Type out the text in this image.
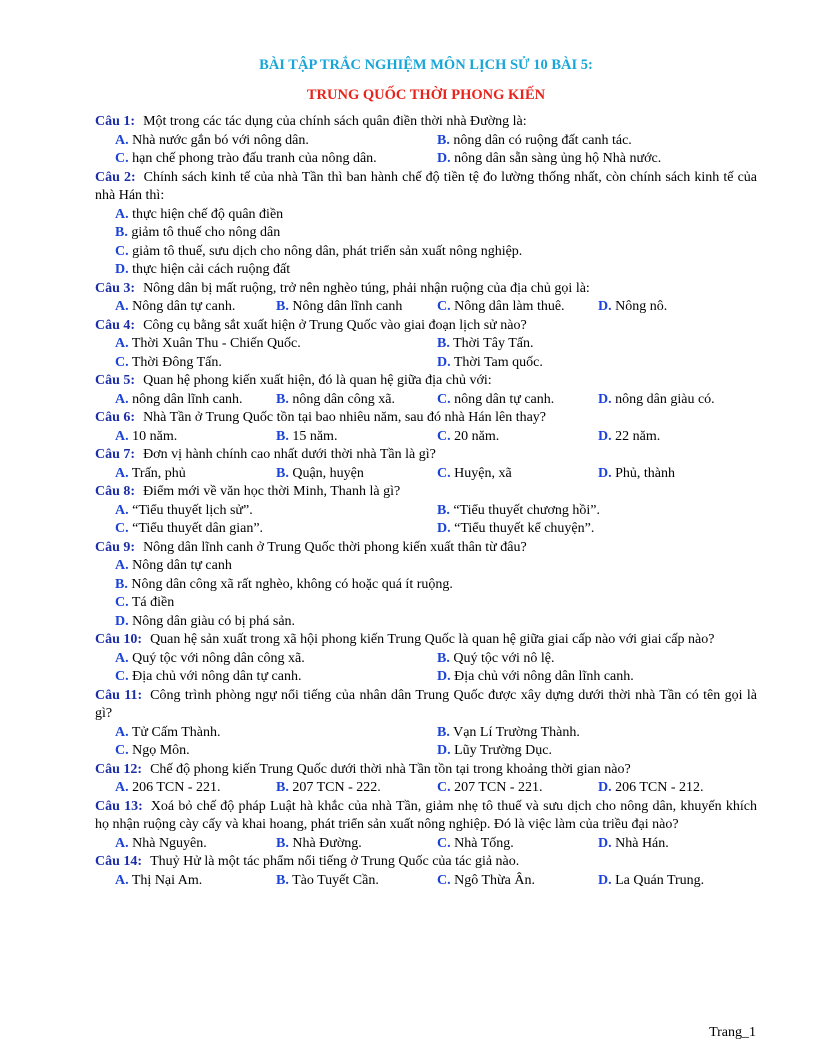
BÀI TẬP TRẮC NGHIỆM MÔN LỊCH SỬ 10 BÀI 5:
TRUNG QUỐC THỜI PHONG KIẾN
Câu 1: Một trong các tác dụng của chính sách quân điền thời nhà Đường là:
A. Nhà nước gắn bó với nông dân.	B. nông dân có ruộng đất canh tác.
C. hạn chế phong trào đấu tranh của nông dân.	D. nông dân sẵn sàng ủng hộ Nhà nước.
Câu 2: Chính sách kinh tế của nhà Tần thì ban hành chế độ tiền tệ đo lường thống nhất, còn chính sách kinh tế của nhà Hán thì:
A. thực hiện chế độ quân điền
B. giảm tô thuế cho nông dân
C. giảm tô thuế, sưu dịch cho nông dân, phát triển sản xuất nông nghiệp.
D. thực hiện cải cách ruộng đất
Câu 3: Nông dân bị mất ruộng, trở nên nghèo túng, phải nhận ruộng của địa chủ gọi là:
A. Nông dân tự canh.	B. Nông dân lĩnh canh	C. Nông dân làm thuê.	D. Nông nô.
Câu 4: Công cụ bằng sắt xuất hiện ở Trung Quốc vào giai đoạn lịch sử nào?
A. Thời Xuân Thu - Chiến Quốc.	B. Thời Tây Tấn.
C. Thời Đông Tấn.	D. Thời Tam quốc.
Câu 5: Quan hệ phong kiến xuất hiện, đó là quan hệ giữa địa chủ với:
A. nông dân lĩnh canh.	B. nông dân công xã.	C. nông dân tự canh.	D. nông dân giàu có.
Câu 6: Nhà Tần ở Trung Quốc tồn tại bao nhiêu năm, sau đó nhà Hán lên thay?
A. 10 năm.	B. 15 năm.	C. 20 năm.	D. 22 năm.
Câu 7: Đơn vị hành chính cao nhất dưới thời nhà Tần là gì?
A. Trấn, phủ	B. Quận, huyện	C. Huyện, xã	D. Phủ, thành
Câu 8: Điểm mới về văn học thời Minh, Thanh là gì?
A. “Tiểu thuyết lịch sử”.	B. “Tiểu thuyết chương hồi”.
C. “Tiểu thuyết dân gian”.	D. “Tiểu thuyết kể chuyện”.
Câu 9: Nông dân lĩnh canh ở Trung Quốc thời phong kiến xuất thân từ đâu?
A. Nông dân tự canh
B. Nông dân công xã rất nghèo, không có hoặc quá ít ruộng.
C. Tá điền
D. Nông dân giàu có bị phá sản.
Câu 10: Quan hệ sản xuất trong xã hội phong kiến Trung Quốc là quan hệ giữa giai cấp nào với giai cấp nào?
A. Quý tộc với nông dân công xã.	B. Quý tộc với nô lệ.
C. Địa chủ với nông dân tự canh.	D. Địa chủ với nông dân lĩnh canh.
Câu 11: Công trình phòng ngự nổi tiếng của nhân dân Trung Quốc được xây dựng dưới thời nhà Tần có tên gọi là gì?
A. Tử Cấm Thành.	B. Vạn Lí Trường Thành.
C. Ngọ Môn.	D. Lũy Trường Dục.
Câu 12: Chế độ phong kiến Trung Quốc dưới thời nhà Tần tồn tại trong khoảng thời gian nào?
A. 206 TCN - 221.	B. 207 TCN - 222.	C. 207 TCN - 221.	D. 206 TCN - 212.
Câu 13: Xoá bỏ chế độ pháp Luật hà khắc của nhà Tần, giảm nhẹ tô thuế và sưu dịch cho nông dân, khuyến khích họ nhận ruộng cày cấy và khai hoang, phát triển sản xuất nông nghiệp. Đó là việc làm của triều đại nào?
A. Nhà Nguyên.	B. Nhà Đường.	C. Nhà Tống.	D. Nhà Hán.
Câu 14: Thuỷ Hử là một tác phẩm nổi tiếng ở Trung Quốc của tác giả nào.
A. Thị Nại Am.	B. Tào Tuyết Cần.	C. Ngô Thừa Ân.	D. La Quán Trung.
Trang_1
